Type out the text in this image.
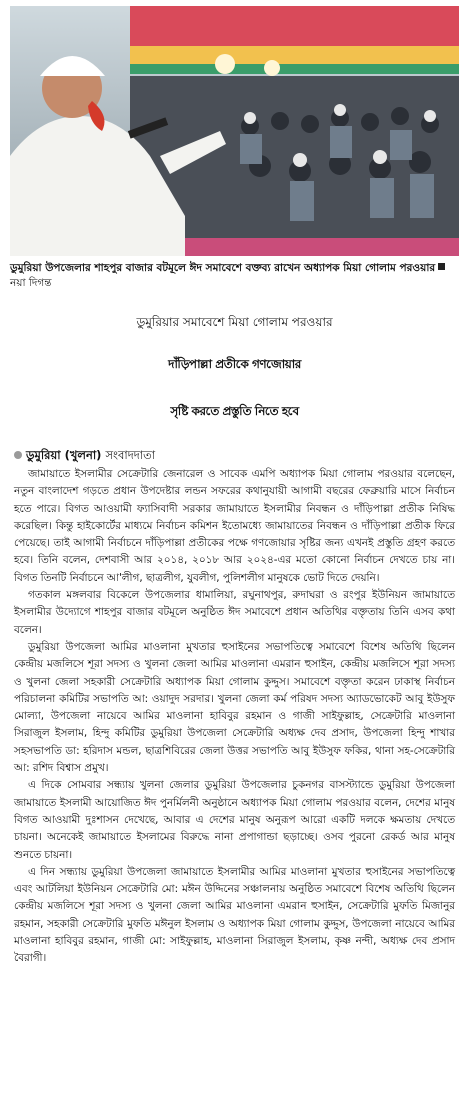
ডুমুরিয়া উপজেলার শাহপুর বাজার বটমূলে ঈদ সমাবেশে বক্তব্য রাখেন অধ্যাপক মিয়া গোলাম পরওয়ারনয়া দিগন্ত
ডুমুরিয়ার সমাবেশে মিয়া গোলাম পরওয়ার
দাঁড়িপাল্লা প্রতীকে গণজোয়ার
সৃষ্টি করতে প্রস্তুতি নিতে হবে
ডুমুরিয়া (খুলনা) সংবাদদাতা

জামায়াতে ইসলামীর সেক্রেটারি জেনারেল ও সাবেক এমপি অধ্যাপক মিয়া গোলাম পরওয়ার বলেছেন, নতুন বাংলাদেশ গড়তে প্রধান উপদেষ্টার লন্ডন সফরের কথানুযায়ী আগামী বছরের ফেব্রুয়ারি মাসে নির্বাচন হতে পারে। বিগত আওয়ামী ফ্যাসিবাদী সরকার জামায়াতে ইসলামীর নিবন্ধন ও দাঁড়িপাল্লা প্রতীক নিষিদ্ধ করেছিল। কিন্তু হাইকোর্টের মাধ্যমে নির্বাচন কমিশন ইতোমধ্যে জামায়াতের নিবন্ধন ও দাঁড়িপাল্লা প্রতীক ফিরে পেয়েছে। তাই আগামী নির্বাচনে দাঁড়িপাল্লা প্রতীকের পক্ষে গণজোয়ার সৃষ্টির জন্য এখনই প্রস্তুতি গ্রহণ করতে হবে। তিনি বলেন, দেশবাসী আর ২০১৪, ২০১৮ আর ২০২৪-এর মতো কোনো নির্বাচন দেখতে চায় না। বিগত তিনটি নির্বাচনে আ'লীগ, ছাত্রলীগ, যুবলীগ, পুলিশলীগ মানুষকে ভোট দিতে দেয়নি।

গতকাল মঙ্গলবার বিকেলে উপজেলার ধামালিয়া, রঘুনাথপুর, রুদাঘরা ও রংপুর ইউনিয়ন জামায়াতে ইসলামীর উদ্যোগে শাহপুর বাজার বটমূলে অনুষ্ঠিত ঈদ সমাবেশে প্রধান অতিথির বক্তৃতায় তিনি এসব কথা বলেন।

ডুমুরিয়া উপজেলা আমির মাওলানা মুখতার হুসাইনের সভাপতিত্বে সমাবেশে বিশেষ অতিথি ছিলেন কেন্দ্রীয় মজলিসে শূরা সদস্য ও খুলনা জেলা আমির মাওলানা এমরান হুসাইন, কেন্দ্রীয় মজলিসে শূরা সদস্য ও খুলনা জেলা সহকারী সেক্রেটারি অধ্যাপক মিয়া গোলাম কুদ্দুস। সমাবেশে বক্তৃতা করেন ঢাকাস্থ নির্বাচন পরিচালনা কমিটির সভাপতি আ: ওয়াদুদ সরদার। খুলনা জেলা কর্ম পরিষদ সদস্য অ্যাডভোকেট আবু ইউসুফ মোল্যা, উপজেলা নায়েবে আমির মাওলানা হাবিবুর রহমান ও গাজী সাইফুল্লাহ, সেক্রেটারি মাওলানা সিরাজুল ইসলাম, হিন্দু কমিটির ডুমুরিয়া উপজেলা সেক্রেটারি অধ্যক্ষ দেব প্রসাদ, উপজেলা হিন্দু শাখার সহসভাপতি ডা: হরিদাস মন্ডল, ছাত্রশিবিরের জেলা উত্তর সভাপতি আবু ইউসুফ ফকির, থানা সহ-সেক্রেটারি আ: রশিদ বিশ্বাস প্রমুখ।

এ দিকে সোমবার সন্ধ্যায় খুলনা জেলার ডুমুরিয়া উপজেলার চুকনগর বাসস্ট্যান্ডে ডুমুরিয়া উপজেলা জামায়াতে ইসলামী আয়োজিত ঈদ পুনর্মিলনী অনুষ্ঠানে অধ্যাপক মিয়া গোলাম পরওয়ার বলেন, দেশের মানুষ বিগত আওয়ামী দুঃশাসন দেখেছে, আবার এ দেশের মানুষ অনুরূপ আরো একটি দলকে ক্ষমতায় দেখতে চায়না। অনেকেই জামায়াতে ইসলামের বিরুদ্ধে নানা প্রপাগান্ডা ছড়াচ্ছে। ওসব পুরনো রেকর্ড আর মানুষ শুনতে চায়না।

এ দিন সন্ধ্যায় ডুমুরিয়া উপজেলা জামায়াতে ইসলামীর আমির মাওলানা মুখতার হুসাইনের সভাপতিত্বে এবং আটলিয়া ইউনিয়ন সেক্রেটারি মো: মঈন উদ্দিনের সঞ্চালনায় অনুষ্ঠিত সমাবেশে বিশেষ অতিথি ছিলেন কেন্দ্রীয় মজলিসে শূরা সদস্য ও খুলনা জেলা আমির মাওলানা এমরান হুসাইন, সেক্রেটারি মুফতি মিজানুর রহমান, সহকারী সেক্রেটারি মুফতি মঈনুল ইসলাম ও অধ্যাপক মিয়া গোলাম কুদ্দুস, উপজেলা নায়েবে আমির মাওলানা হাবিবুর রহমান, গাজী মো: সাইফুল্লাহ, মাওলানা সিরাজুল ইসলাম, কৃষ্ণ নন্দী, অধ্যক্ষ দেব প্রসাদ বৈরাগী।
